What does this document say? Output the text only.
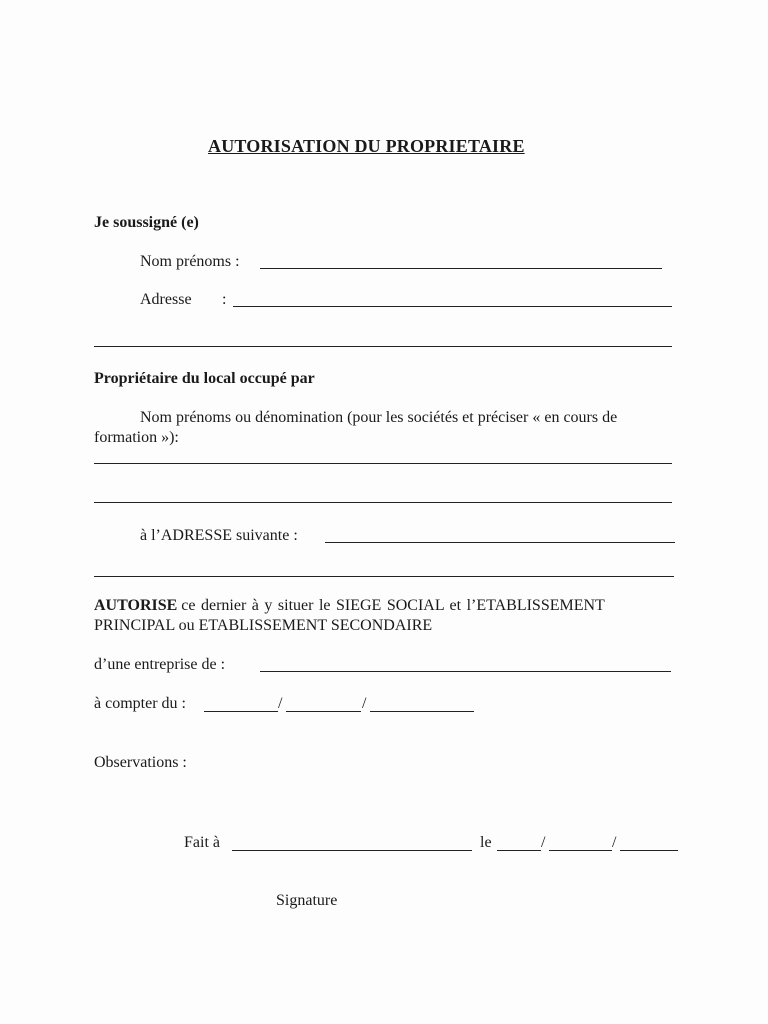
AUTORISATION DU PROPRIETAIRE
Je soussigné (e)
Nom prénoms :
Adresse :
Propriétaire du local occupé par
Nom prénoms ou dénomination (pour les sociétés et préciser « en cours de
formation »):
à l’ADRESSE suivante :
AUTORISE ce dernier à y situer le SIEGE SOCIAL et l’ETABLISSEMENT
PRINCIPAL ou ETABLISSEMENT SECONDAIRE
d’une entreprise de :
à compter du :	/	/
Observations :
Fait à	le	/	/
Signature
